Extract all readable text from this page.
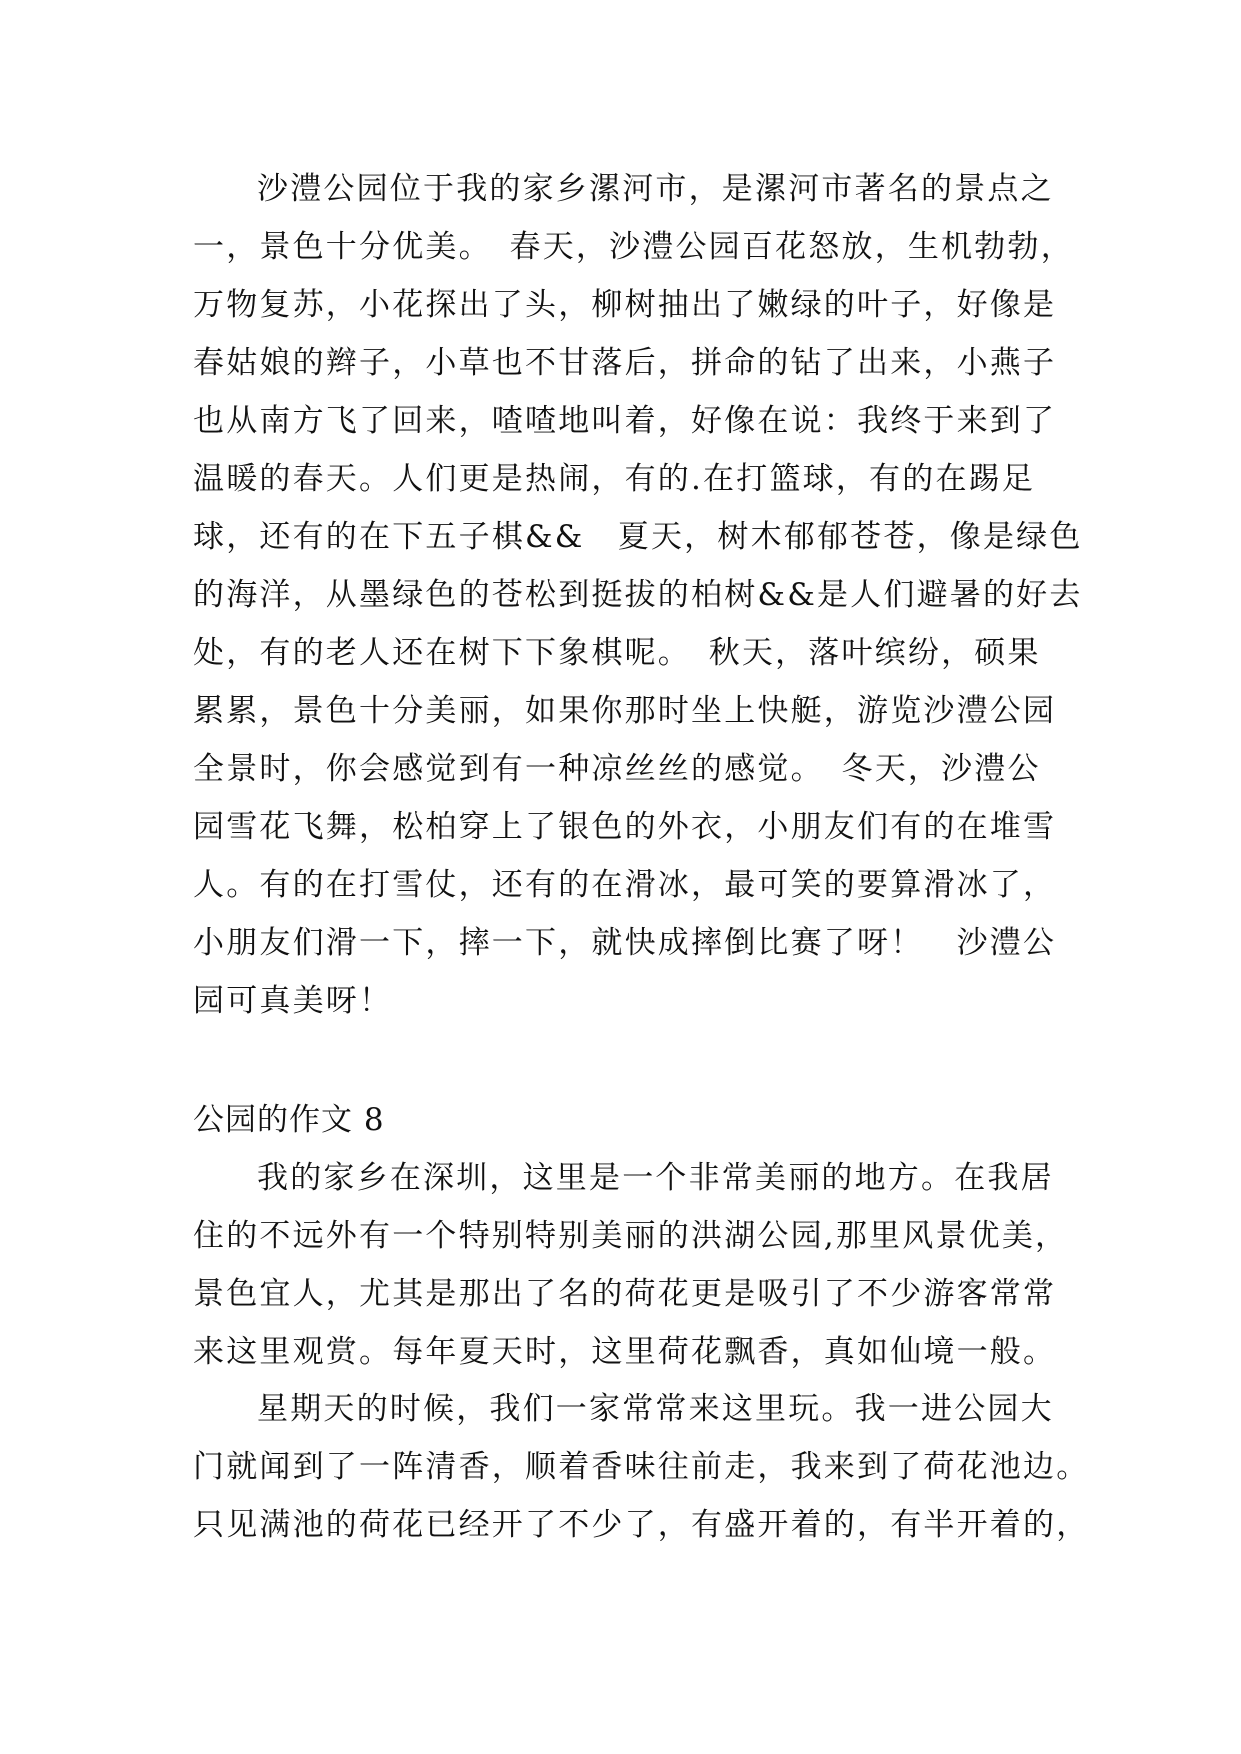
沙澧公园位于我的家乡漯河市，是漯河市著名的景点之
一，景色十分优美。　春天，沙澧公园百花怒放，生机勃勃，
万物复苏，小花探出了头，柳树抽出了嫩绿的叶子，好像是
春姑娘的辫子，小草也不甘落后，拼命的钻了出来，小燕子
也从南方飞了回来，喳喳地叫着，好像在说：我终于来到了
温暖的春天。人们更是热闹，有的.在打篮球，有的在踢足
球，还有的在下五子棋&&　夏天，树木郁郁苍苍，像是绿色
的海洋，从墨绿色的苍松到挺拔的柏树&&是人们避暑的好去
处，有的老人还在树下下象棋呢。　秋天，落叶缤纷，硕果
累累，景色十分美丽，如果你那时坐上快艇，游览沙澧公园
全景时，你会感觉到有一种凉丝丝的感觉。　冬天，沙澧公
园雪花飞舞，松柏穿上了银色的外衣，小朋友们有的在堆雪
人。有的在打雪仗，还有的在滑冰，最可笑的要算滑冰了，
小朋友们滑一下，摔一下，就快成摔倒比赛了呀！　沙澧公
园可真美呀！
公园的作文 8
我的家乡在深圳，这里是一个非常美丽的地方。在我居
住的不远外有一个特别特别美丽的洪湖公园,那里风景优美，
景色宜人，尤其是那出了名的荷花更是吸引了不少游客常常
来这里观赏。每年夏天时，这里荷花飘香，真如仙境一般。
星期天的时候，我们一家常常来这里玩。我一进公园大
门就闻到了一阵清香，顺着香味往前走，我来到了荷花池边。
只见满池的荷花已经开了不少了，有盛开着的，有半开着的，
